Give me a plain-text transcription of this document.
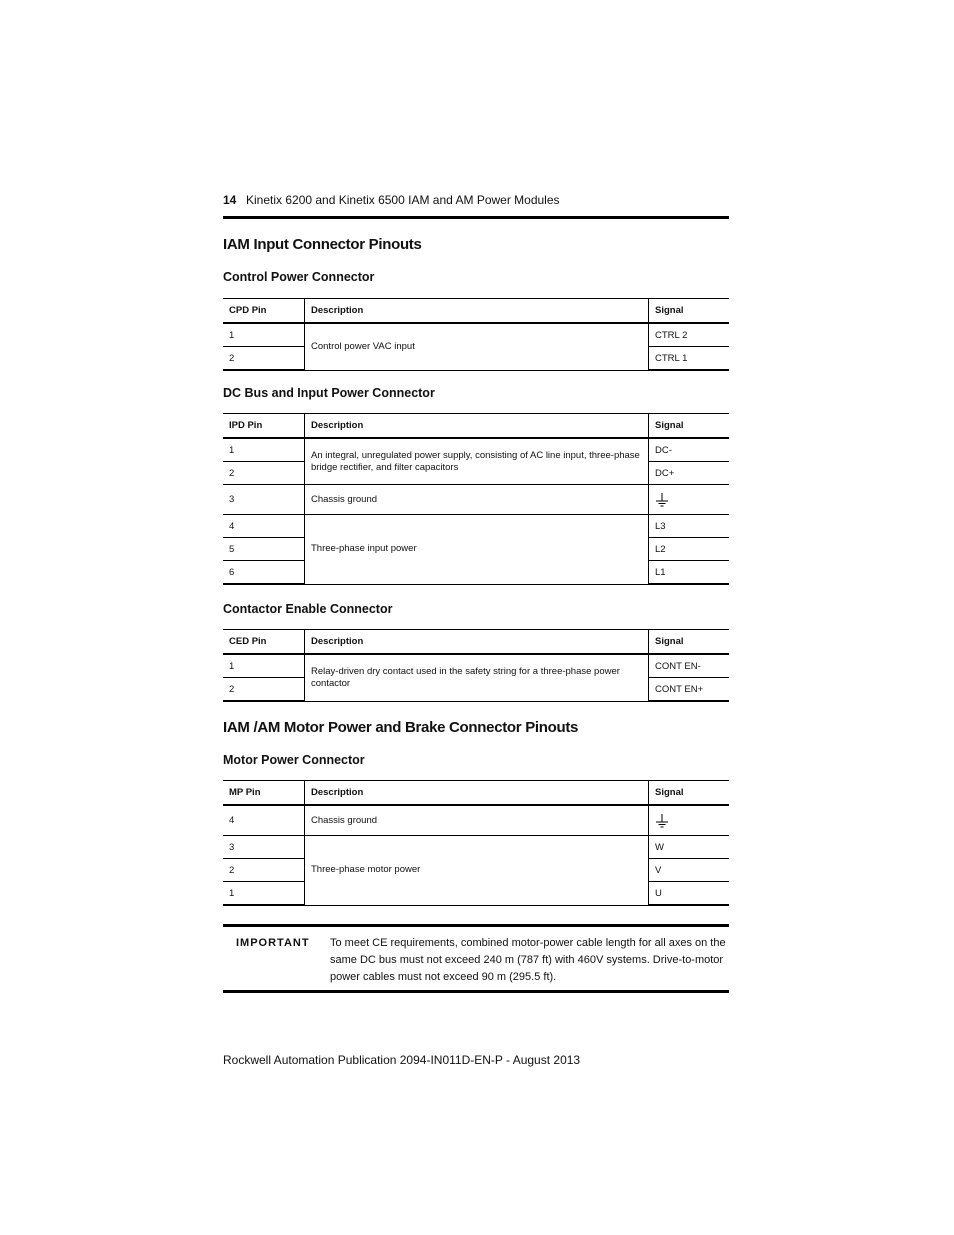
14 Kinetix 6200 and Kinetix 6500 IAM and AM Power Modules
IAM Input Connector Pinouts
Control Power Connector
CPD Pin	Description	Signal
1	Control power VAC input	CTRL 2
2		CTRL 1
DC Bus and Input Power Connector
IPD Pin	Description	Signal
1	An integral, unregulated power supply, consisting of AC line input, three-phase bridge rectifier, and filter capacitors	DC-
2		DC+
3	Chassis ground	
4	Three-phase input power	L3
5		L2
6		L1
Contactor Enable Connector
CED Pin	Description	Signal
1	Relay-driven dry contact used in the safety string for a three-phase power contactor	CONT EN-
2		CONT EN+
IAM /AM Motor Power and Brake Connector Pinouts
Motor Power Connector
MP Pin	Description	Signal
4	Chassis ground	
3	Three-phase motor power	W
2		V
1		U
IMPORTANT To meet CE requirements, combined motor-power cable length for all axes on the same DC bus must not exceed 240 m (787 ft) with 460V systems. Drive-to-motor power cables must not exceed 90 m (295.5 ft).
Rockwell Automation Publication 2094-IN011D-EN-P - August 2013
